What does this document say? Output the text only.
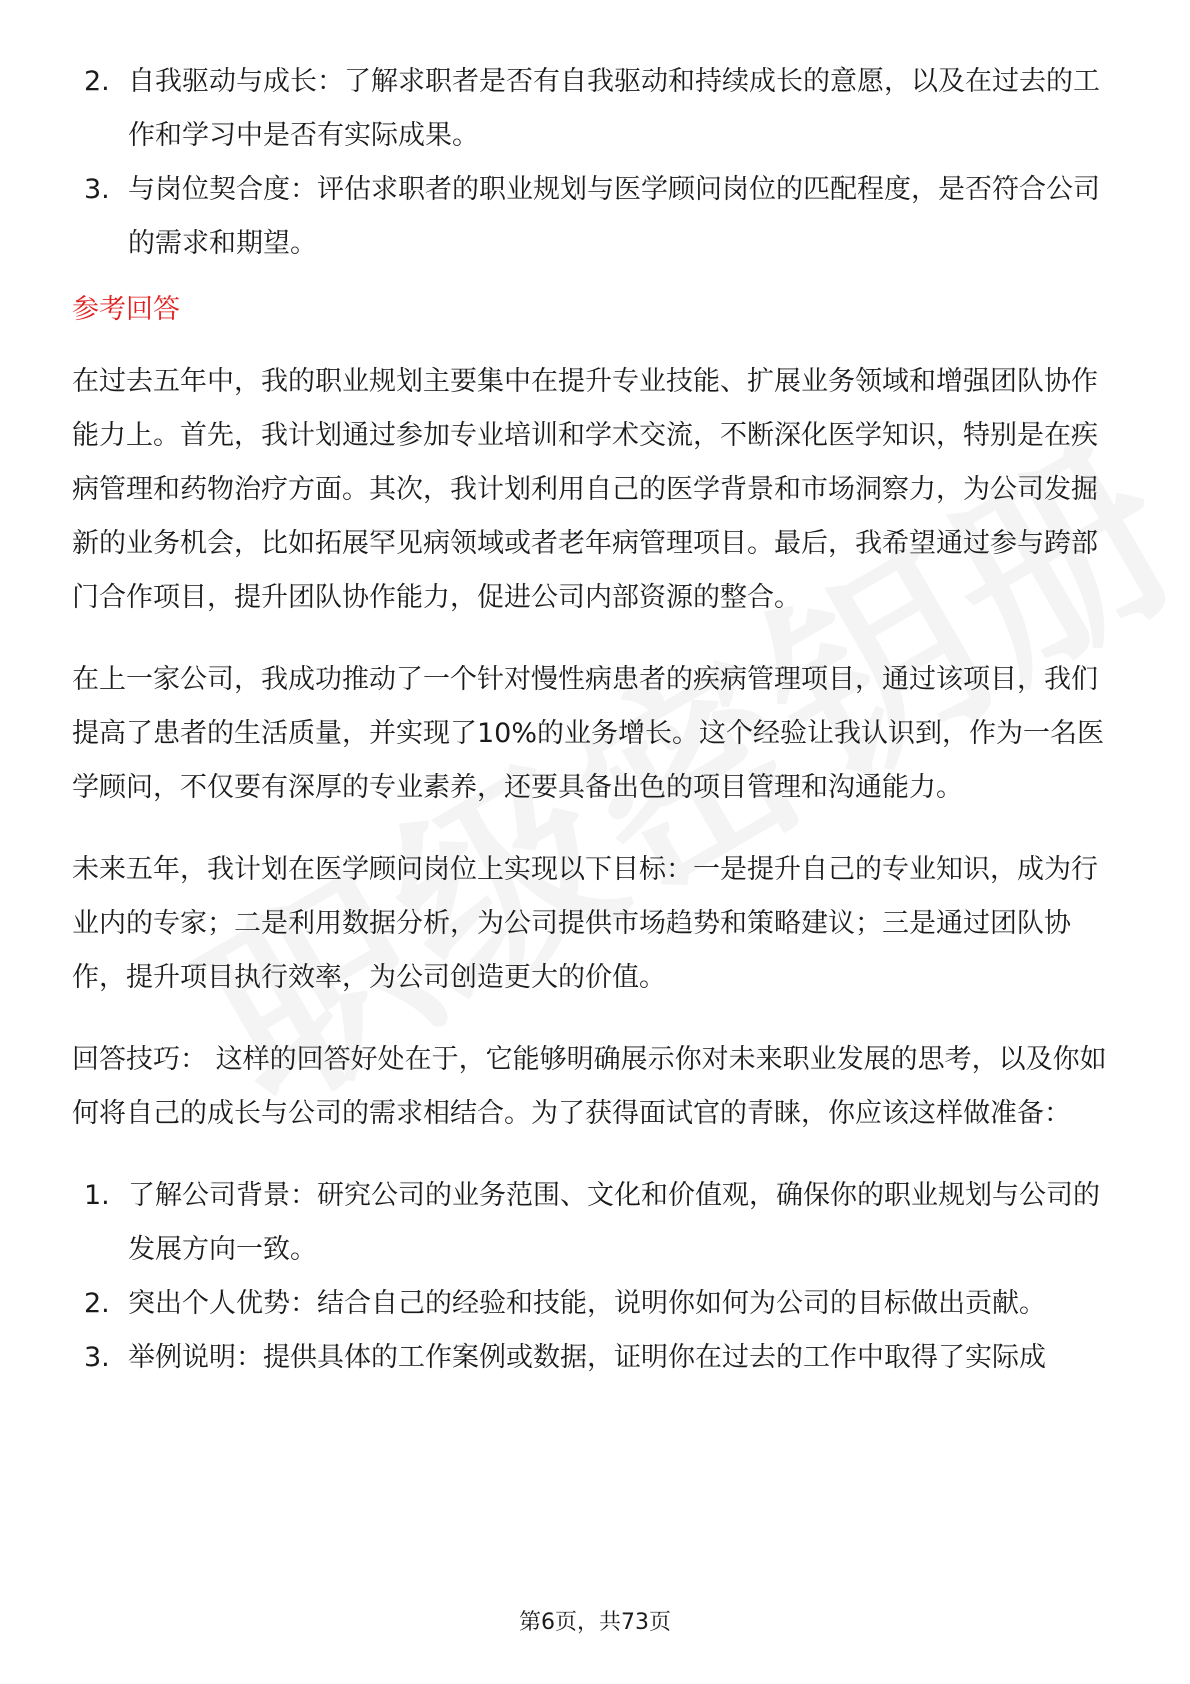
2. 自我驱动与成长：了解求职者是否有自我驱动和持续成长的意愿，以及在过去的工作和学习中是否有实际成果。
3. 与岗位契合度：评估求职者的职业规划与医学顾问岗位的匹配程度，是否符合公司的需求和期望。
参考回答

在过去五年中，我的职业规划主要集中在提升专业技能、扩展业务领域和增强团队协作能力上。首先，我计划通过参加专业培训和学术交流，不断深化医学知识，特别是在疾病管理和药物治疗方面。其次，我计划利用自己的医学背景和市场洞察力，为公司发掘新的业务机会，比如拓展罕见病领域或者老年病管理项目。最后，我希望通过参与跨部门合作项目，提升团队协作能力，促进公司内部资源的整合。

在上一家公司，我成功推动了一个针对慢性病患者的疾病管理项目，通过该项目，我们提高了患者的生活质量，并实现了10%的业务增长。这个经验让我认识到，作为一名医学顾问，不仅要有深厚的专业素养，还要具备出色的项目管理和沟通能力。

未来五年，我计划在医学顾问岗位上实现以下目标：一是提升自己的专业知识，成为行业内的专家；二是利用数据分析，为公司提供市场趋势和策略建议；三是通过团队协作，提升项目执行效率，为公司创造更大的价值。

回答技巧： 这样的回答好处在于，它能够明确展示你对未来职业发展的思考，以及你如何将自己的成长与公司的需求相结合。为了获得面试官的青睐，你应该这样做准备：

1. 了解公司背景：研究公司的业务范围、文化和价值观，确保你的职业规划与公司的发展方向一致。
2. 突出个人优势：结合自己的经验和技能，说明你如何为公司的目标做出贡献。
3. 举例说明：提供具体的工作案例或数据，证明你在过去的工作中取得了实际成
第6页，共73页
